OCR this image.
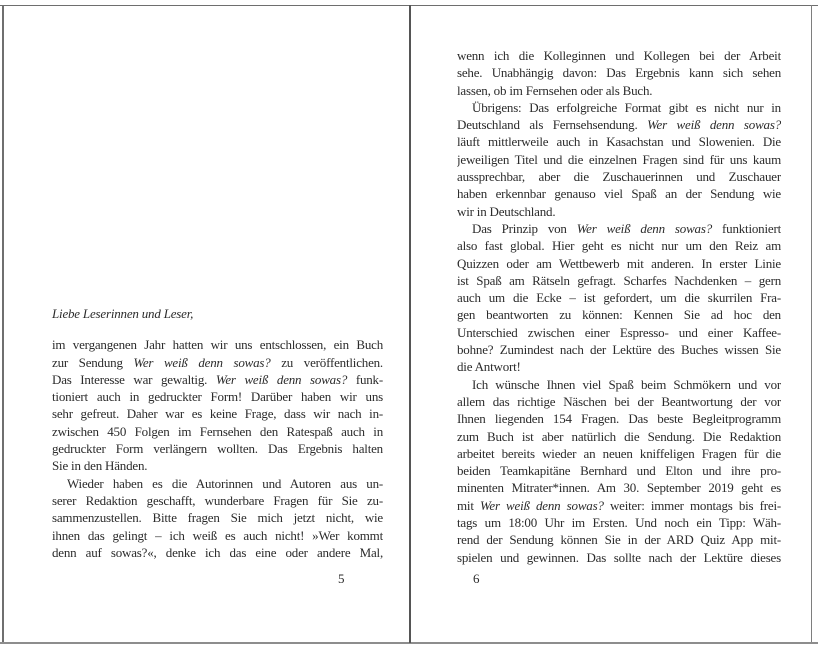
Liebe Leserinnen und Leser,
im vergangenen Jahr hatten wir uns entschlossen, ein Buch
zur Sendung Wer weiß denn sowas? zu veröffentlichen.
Das Interesse war gewaltig. Wer weiß denn sowas? funk-
tioniert auch in gedruckter Form! Darüber haben wir uns
sehr gefreut. Daher war es keine Frage, dass wir nach in-
zwischen 450 Folgen im Fernsehen den Ratespaß auch in
gedruckter Form verlängern wollten. Das Ergebnis halten
Sie in den Händen.
Wieder haben es die Autorinnen und Autoren aus un-
serer Redaktion geschafft, wunderbare Fragen für Sie zu-
sammenzustellen. Bitte fragen Sie mich jetzt nicht, wie
ihnen das gelingt – ich weiß es auch nicht! »Wer kommt
denn auf sowas?«, denke ich das eine oder andere Mal,
5
wenn ich die Kolleginnen und Kollegen bei der Arbeit
sehe. Unabhängig davon: Das Ergebnis kann sich sehen
lassen, ob im Fernsehen oder als Buch.
Übrigens: Das erfolgreiche Format gibt es nicht nur in
Deutschland als Fernsehsendung. Wer weiß denn sowas?
läuft mittlerweile auch in Kasachstan und Slowenien. Die
jeweiligen Titel und die einzelnen Fragen sind für uns kaum
aussprechbar, aber die Zuschauerinnen und Zuschauer
haben erkennbar genauso viel Spaß an der Sendung wie
wir in Deutschland.
Das Prinzip von Wer weiß denn sowas? funktioniert
also fast global. Hier geht es nicht nur um den Reiz am
Quizzen oder am Wettbewerb mit anderen. In erster Linie
ist Spaß am Rätseln gefragt. Scharfes Nachdenken – gern
auch um die Ecke – ist gefordert, um die skurrilen Fra-
gen beantworten zu können: Kennen Sie ad hoc den
Unterschied zwischen einer Espresso- und einer Kaffee-
bohne? Zumindest nach der Lektüre des Buches wissen Sie
die Antwort!
Ich wünsche Ihnen viel Spaß beim Schmökern und vor
allem das richtige Näschen bei der Beantwortung der vor
Ihnen liegenden 154 Fragen. Das beste Begleitprogramm
zum Buch ist aber natürlich die Sendung. Die Redaktion
arbeitet bereits wieder an neuen kniffeligen Fragen für die
beiden Teamkapitäne Bernhard und Elton und ihre pro-
minenten Mitrater*innen. Am 30. September 2019 geht es
mit Wer weiß denn sowas? weiter: immer montags bis frei-
tags um 18:00 Uhr im Ersten. Und noch ein Tipp: Wäh-
rend der Sendung können Sie in der ARD Quiz App mit-
spielen und gewinnen. Das sollte nach der Lektüre dieses
6
